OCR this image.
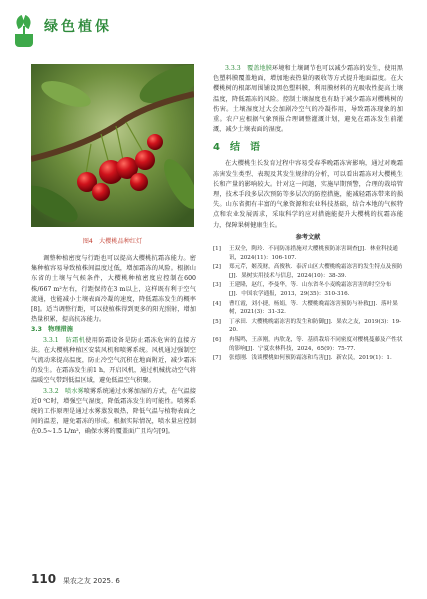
绿色植保
图4　大樱桃品种红灯

调整种植密度与行距也可以提高大樱桃抗霜冻能力。密集种植容易导致植株间温度过低，增加霜冻的风险。根据山东省的土壤与气候条件，大樱桃种植密度应控制在600株/667 m²左右，行距保持在3 m以上，这样既有利于空气流通，也能减小土壤表面冷凝的速度，降低霜冻发生的概率[8]。适当调整行距，可以使植株得到更多的阳光照射，增加热量积累，提高抗冻能力。

3.3　物理措施

3.3.1　防霜机使用防霜设备是防止霜冻危害的直接方法。在大樱桃种植区安装风机和喷雾系统。风机通过强制空气流动来提高温度，防止冷空气沉积在地面附近，减少霜冻的发生。在霜冻发生前1 h，开启风机，通过机械扰动空气将温暖空气带到低温区域，避免低温空气积聚。

3.3.2　喷水雾喷雾系统通过水雾加湿的方式，在气温接近0 ℃时，增强空气湿度，降低霜冻发生的可能性。喷雾系统的工作原理是通过水雾蒸发吸热，降低气温与植物表面之间的温差，避免霜冻的形成。根据实际情况，喷水量应控制在0.5~1.5 L/m²，确保水雾的覆盖面广且均匀[9]。

3.3.3　覆盖地膜环境和土壤调节也可以减少霜冻的发生，使用黑色塑料膜覆盖地面，增加地表热量的吸收等方式提升地面温度。在大樱桃树的根部周围铺设黑色塑料膜，利用膜材料的光吸收性提高土壤温度，降低霜冻的风险。控制土壤湿度也有助于减少霜冻对樱桃树的伤害。土壤湿度过大会加剧冷空气的冷凝作用，导致霜冻现象的加重。农户应根据气象预报合理调整灌溉计划，避免在霜冻发生前灌溉，减少土壤表面的湿度。

4　结　语

在大樱桃生长发育过程中容易受春季晚霜冻害影响，通过对晚霜冻害发生类型、表现及其发生规律的分析，可以看出霜冻对大樱桃生长和产量的影响较大。针对这一问题，实施早期预警，合理的栽培管理，技术手段多层次预防等多层次的防控措施，能减轻霜冻带来的损失。山东省拥有丰富的气象资源和农业科技基础，结合本地的气候特点和农业发展需求，采取科学的应对措施能提升大樱桃的抗霜冻能力，保障果树健康生长。

参考文献
[1]	王双全，陶玲．不同防冻措施对大樱桃预防冻害调查[J]．林业科技通讯，2024(11)：106-107.
[2]	郑元芹，姬茂财，高俊秋．泰沂山区大樱桃晚霜冻害的发生特点及预防[J]．果树实用技术与信息，2024(10)：38-39.
[3]	王建隆，赵红，李曼华，等．山东省冬小麦晚霜冻害害的时空分布[J]．中国农学通报，2013，29(35)：310-316.
[4]	曹红霞，刘小捷，杨娟，等．大樱桃晚霜冻害预防与补救[J]．落叶果树，2021(3)：31-32.
[5]	丁承田．大樱桃晚霜冻害的发生和防御[J]．果农之友，2019(3)：19-20.
[6]	冉锡鸣，王彦刚，冉欣龙，等．基质栽培不同密度对樱桃蔓藤及产性状的影响[J]．宁夏农林科技，2024，65(9)：75-77.
[7]	张德刚．浅谈樱桃如何预防霜冻和鸟害[J]．新农民，2019(1)：1.
110 果农之友 2025. 6
